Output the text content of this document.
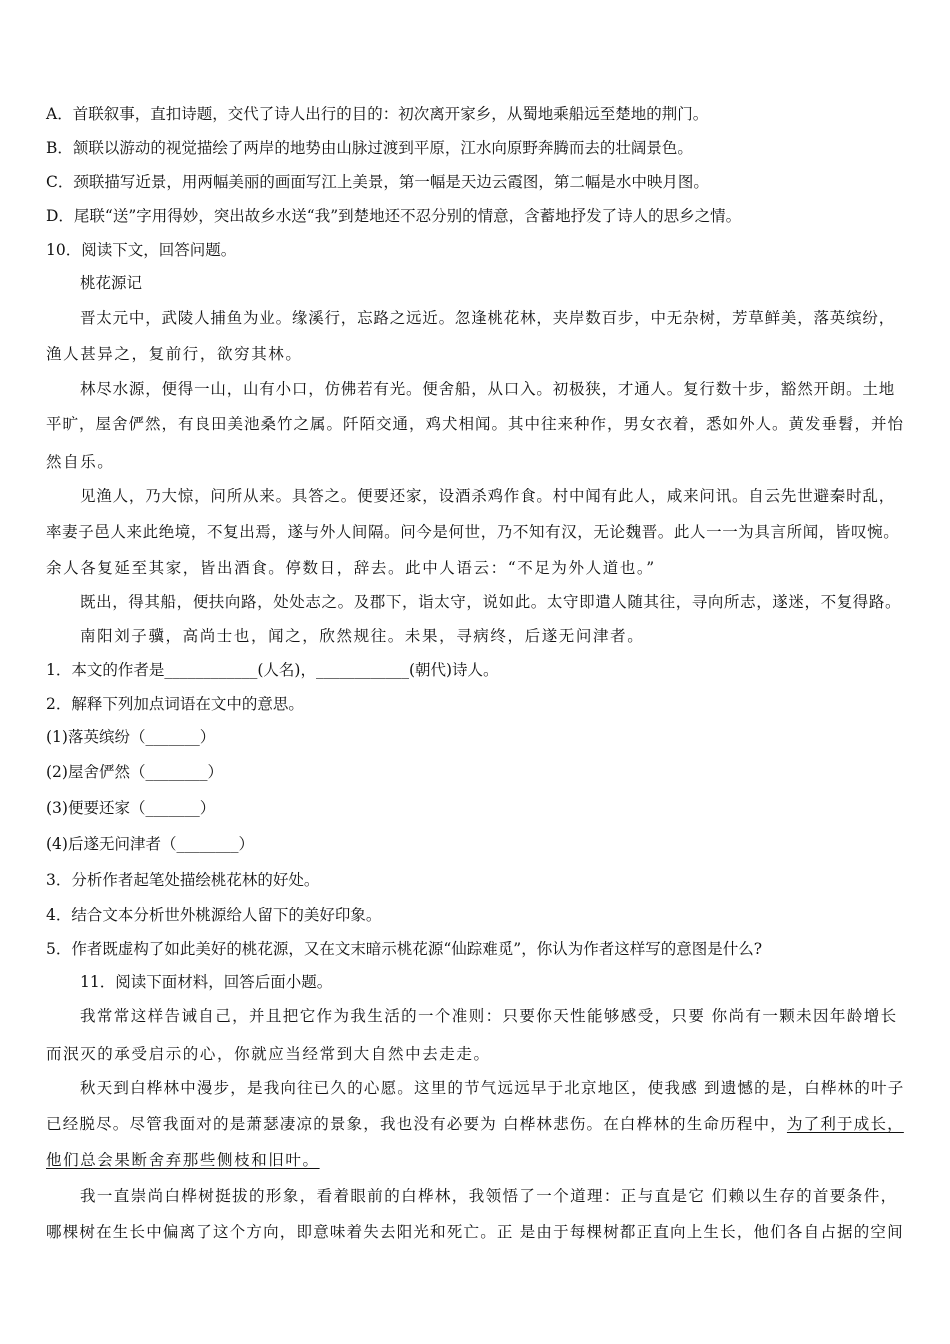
A．首联叙事，直扣诗题，交代了诗人出行的目的：初次离开家乡，从蜀地乘船远至楚地的荆门。
B．颔联以游动的视觉描绘了两岸的地势由山脉过渡到平原，江水向原野奔腾而去的壮阔景色。
C．颈联描写近景，用两幅美丽的画面写江上美景，第一幅是天边云霞图，第二幅是水中映月图。
D．尾联“送”字用得妙，突出故乡水送“我”到楚地还不忍分别的情意，含蓄地抒发了诗人的思乡之情。
10．阅读下文，回答问题。
桃花源记
晋太元中，武陵人捕鱼为业。缘溪行，忘路之远近。忽逢桃花林，夹岸数百步，中无杂树，芳草鲜美，落英缤纷，
渔人甚异之，复前行，欲穷其林。
林尽水源，便得一山，山有小口，仿佛若有光。便舍船，从口入。初极狭，才通人。复行数十步，豁然开朗。土地
平旷，屋舍俨然，有良田美池桑竹之属。阡陌交通，鸡犬相闻。其中往来种作，男女衣着，悉如外人。黄发垂髫，并怡
然自乐。
见渔人，乃大惊，问所从来。具答之。便要还家，设酒杀鸡作食。村中闻有此人，咸来问讯。自云先世避秦时乱，
率妻子邑人来此绝境，不复出焉，遂与外人间隔。问今是何世，乃不知有汉，无论魏晋。此人一一为具言所闻，皆叹惋。
余人各复延至其家，皆出酒食。停数日，辞去。此中人语云：“不足为外人道也。”
既出，得其船，便扶向路，处处志之。及郡下，诣太守，说如此。太守即遣人随其往，寻向所志，遂迷，不复得路。
南阳刘子骥，高尚士也，闻之，欣然规往。未果，寻病终，后遂无问津者。
1．本文的作者是____________(人名)，____________(朝代)诗人。
2．解释下列加点词语在文中的意思。
(1)落英缤纷（_______）
(2)屋舍俨然（________）
(3)便要还家（_______）
(4)后遂无问津者（________）
3．分析作者起笔处描绘桃花林的好处。
4．结合文本分析世外桃源给人留下的美好印象。
5．作者既虚构了如此美好的桃花源，又在文末暗示桃花源“仙踪难觅”，你认为作者这样写的意图是什么?
11．阅读下面材料，回答后面小题。
我常常这样告诫自己，并且把它作为我生活的一个准则：只要你天性能够感受，只要 你尚有一颗未因年龄增长
而泯灭的承受启示的心，你就应当经常到大自然中去走走。
秋天到白桦林中漫步，是我向往已久的心愿。这里的节气远远早于北京地区，使我感 到遗憾的是，白桦林的叶子
已经脱尽。尽管我面对的是萧瑟凄凉的景象，我也没有必要为 白桦林悲伤。在白桦林的生命历程中，为了利于成长，
他们总会果断舍弃那些侧枝和旧叶。
我一直崇尚白桦树挺拔的形象，看着眼前的白桦林，我领悟了一个道理：正与直是它 们赖以生存的首要条件，
哪棵树在生长中偏离了这个方向，即意味着失去阳光和死亡。正 是由于每棵树都正直向上生长，他们各自占据的空间
